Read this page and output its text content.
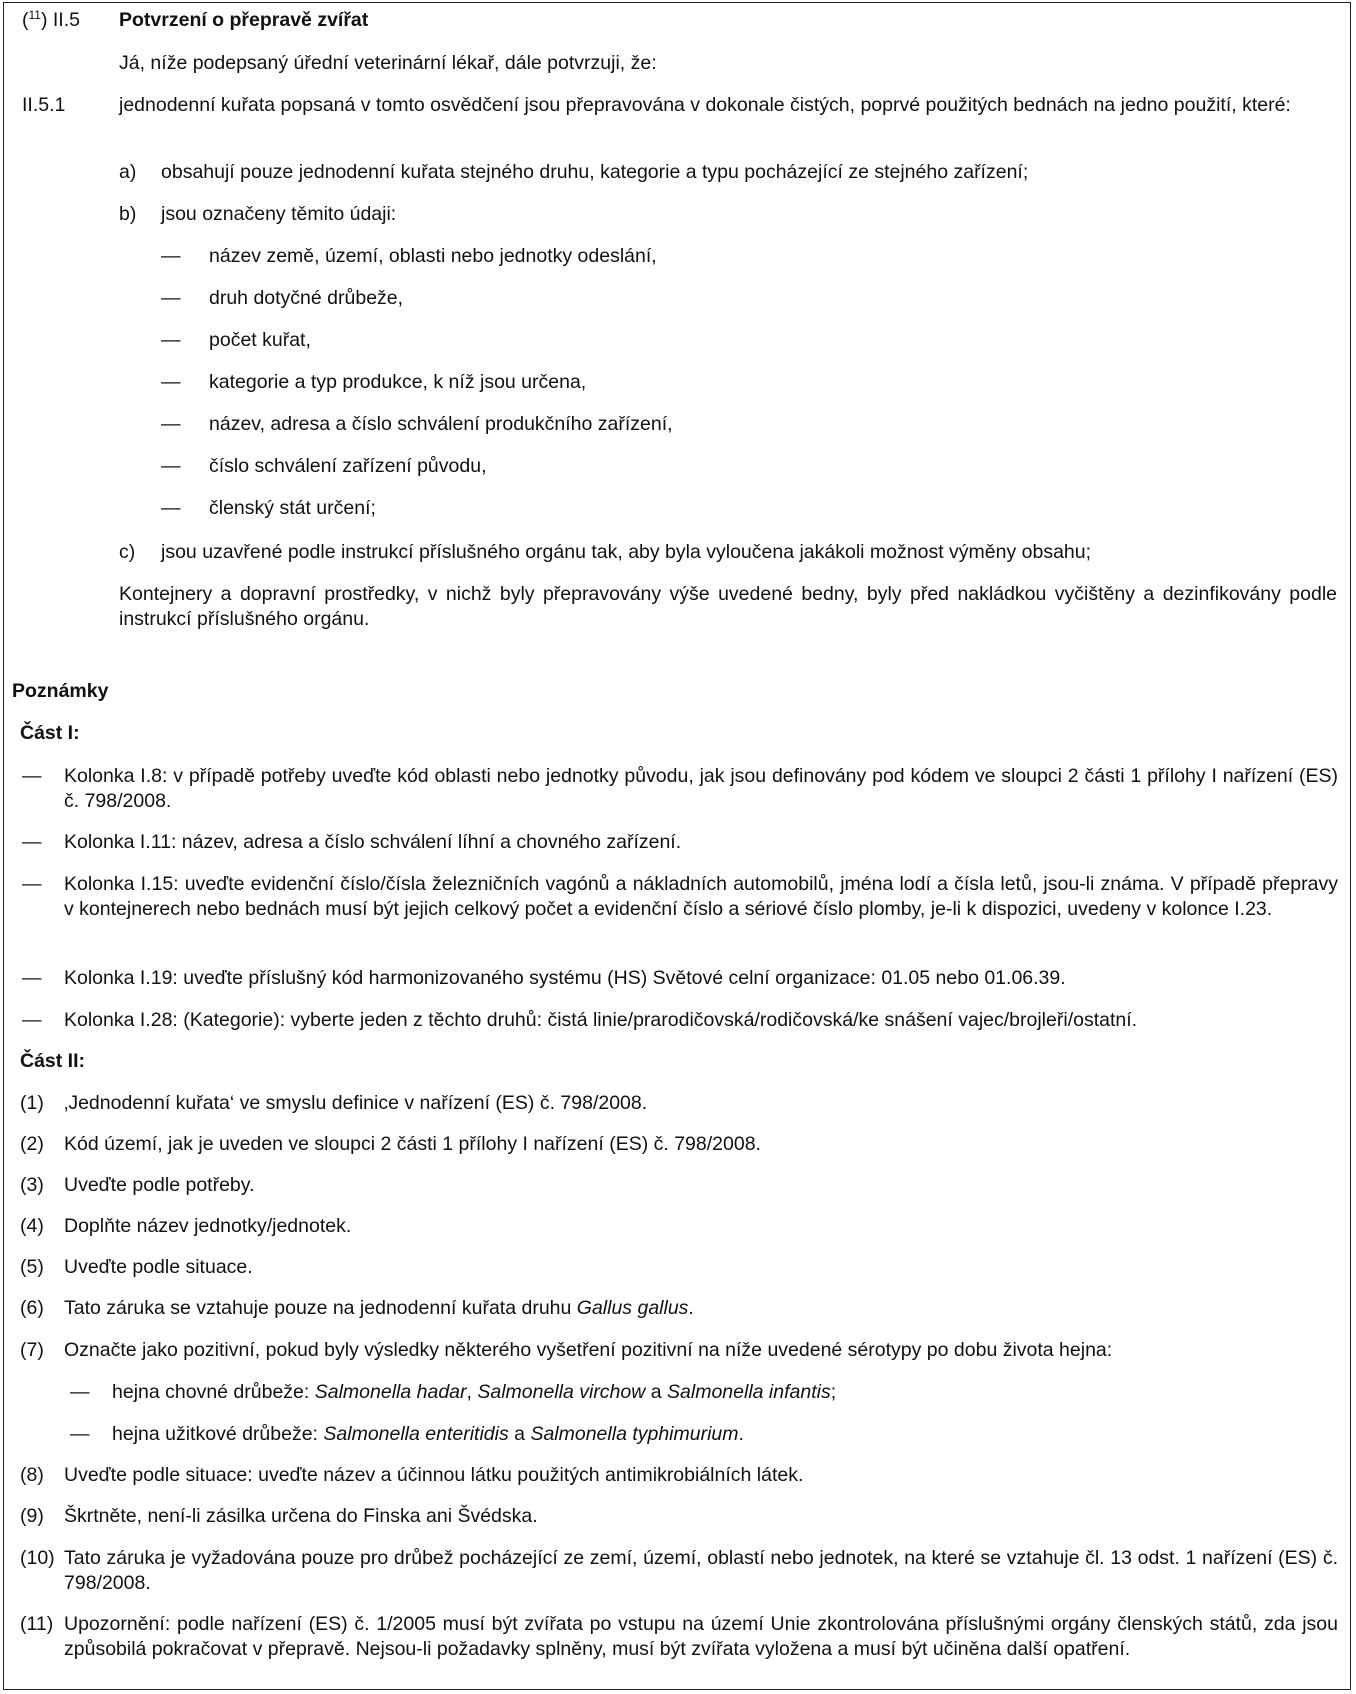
($^{11}$) II.5 Potvrzení o přepravě zvířat
Já, níže podepsaný úřední veterinární lékař, dále potvrzuji, že:
II.5.1	jednodenní kuřata popsaná v tomto osvědčení jsou přepravována v dokonale čistých, poprvé použitých bednách na jedno použití, které:
a) obsahují pouze jednodenní kuřata stejného druhu, kategorie a typu pocházející ze stejného zařízení;
b) jsou označeny těmito údaji:
— název země, území, oblasti nebo jednotky odeslání,
— druh dotyčné drůbeže,
— počet kuřat,
— kategorie a typ produkce, k níž jsou určena,
— název, adresa a číslo schválení produkčního zařízení,
— číslo schválení zařízení původu,
— členský stát určení;
c) jsou uzavřené podle instrukcí příslušného orgánu tak, aby byla vyloučena jakákoli možnost výměny obsahu;
Kontejnery a dopravní prostředky, v nichž byly přepravovány výše uvedené bedny, byly před nakládkou vyčištěny a dezinfikovány podle instrukcí příslušného orgánu.
Poznámky
Část I:
— Kolonka I.8: v případě potřeby uveďte kód oblasti nebo jednotky původu, jak jsou definovány pod kódem ve sloupci 2 části 1 přílohy I nařízení (ES) č. 798/2008.
— Kolonka I.11: název, adresa a číslo schválení líhní a chovného zařízení.
— Kolonka I.15: uveďte evidenční číslo/čísla železničních vagónů a nákladních automobilů, jména lodí a čísla letů, jsou-li známa. V případě přepravy v kontejnerech nebo bednách musí být jejich celkový počet a evidenční číslo a sériové číslo plomby, je-li k dispozici, uvedeny v kolonce I.23.
— Kolonka I.19: uveďte příslušný kód harmonizovaného systému (HS) Světové celní organizace: 01.05 nebo 01.06.39.
— Kolonka I.28: (Kategorie): vyberte jeden z těchto druhů: čistá linie/prarodičovská/rodičovská/ke snášení vajec/brojleři/ostatní.
Část II:
(1) ‚Jednodenní kuřata‘ ve smyslu definice v nařízení (ES) č. 798/2008.
(2) Kód území, jak je uveden ve sloupci 2 části 1 přílohy I nařízení (ES) č. 798/2008.
(3) Uveďte podle potřeby.
(4) Doplňte název jednotky/jednotek.
(5) Uveďte podle situace.
(6) Tato záruka se vztahuje pouze na jednodenní kuřata druhu Gallus gallus.
(7) Označte jako pozitivní, pokud byly výsledky některého vyšetření pozitivní na níže uvedené sérotypy po dobu života hejna:
— hejna chovné drůbeže: Salmonella hadar, Salmonella virchow a Salmonella infantis;
— hejna užitkové drůbeže: Salmonella enteritidis a Salmonella typhimurium.
(8) Uveďte podle situace: uveďte název a účinnou látku použitých antimikrobiálních látek.
(9) Škrtněte, není-li zásilka určena do Finska ani Švédska.
(10) Tato záruka je vyžadována pouze pro drůbež pocházející ze zemí, území, oblastí nebo jednotek, na které se vztahuje čl. 13 odst. 1 nařízení (ES) č. 798/2008.
(11) Upozornění: podle nařízení (ES) č. 1/2005 musí být zvířata po vstupu na území Unie zkontrolována příslušnými orgány členských států, zda jsou způsobilá pokračovat v přepravě. Nejsou-li požadavky splněny, musí být zvířata vyložena a musí být učiněna další opatření.
